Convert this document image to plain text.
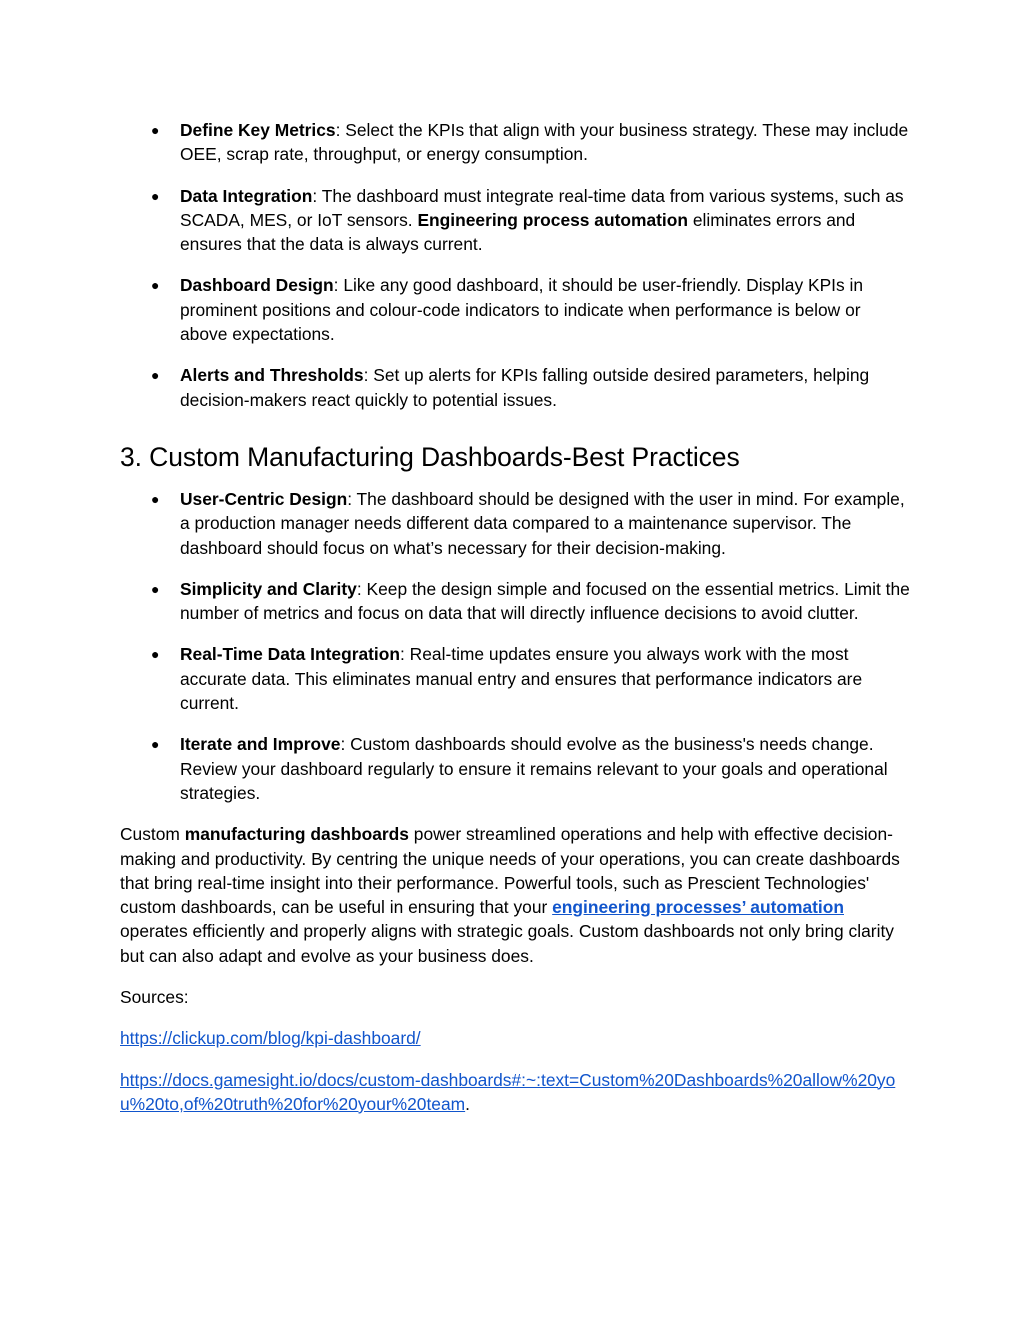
● Define Key Metrics: Select the KPIs that align with your business strategy. These may include OEE, scrap rate, throughput, or energy consumption.
● Data Integration: The dashboard must integrate real-time data from various systems, such as SCADA, MES, or IoT sensors. Engineering process automation eliminates errors and ensures that the data is always current.
● Dashboard Design: Like any good dashboard, it should be user-friendly. Display KPIs in prominent positions and colour-code indicators to indicate when performance is below or above expectations.
● Alerts and Thresholds: Set up alerts for KPIs falling outside desired parameters, helping decision-makers react quickly to potential issues.
3. Custom Manufacturing Dashboards-Best Practices
● User-Centric Design: The dashboard should be designed with the user in mind. For example, a production manager needs different data compared to a maintenance supervisor. The dashboard should focus on what’s necessary for their decision-making.
● Simplicity and Clarity: Keep the design simple and focused on the essential metrics. Limit the number of metrics and focus on data that will directly influence decisions to avoid clutter.
● Real-Time Data Integration: Real-time updates ensure you always work with the most accurate data. This eliminates manual entry and ensures that performance indicators are current.
● Iterate and Improve: Custom dashboards should evolve as the business's needs change. Review your dashboard regularly to ensure it remains relevant to your goals and operational strategies.

Custom manufacturing dashboards power streamlined operations and help with effective decision-making and productivity. By centring the unique needs of your operations, you can create dashboards that bring real-time insight into their performance. Powerful tools, such as Prescient Technologies' custom dashboards, can be useful in ensuring that your engineering processes’ automation operates efficiently and properly aligns with strategic goals. Custom dashboards not only bring clarity but can also adapt and evolve as your business does.

Sources:

https://clickup.com/blog/kpi-dashboard/

https://docs.gamesight.io/docs/custom-dashboards#:~:text=Custom%20Dashboards%20allow%20you%20to,of%20truth%20for%20your%20team.
